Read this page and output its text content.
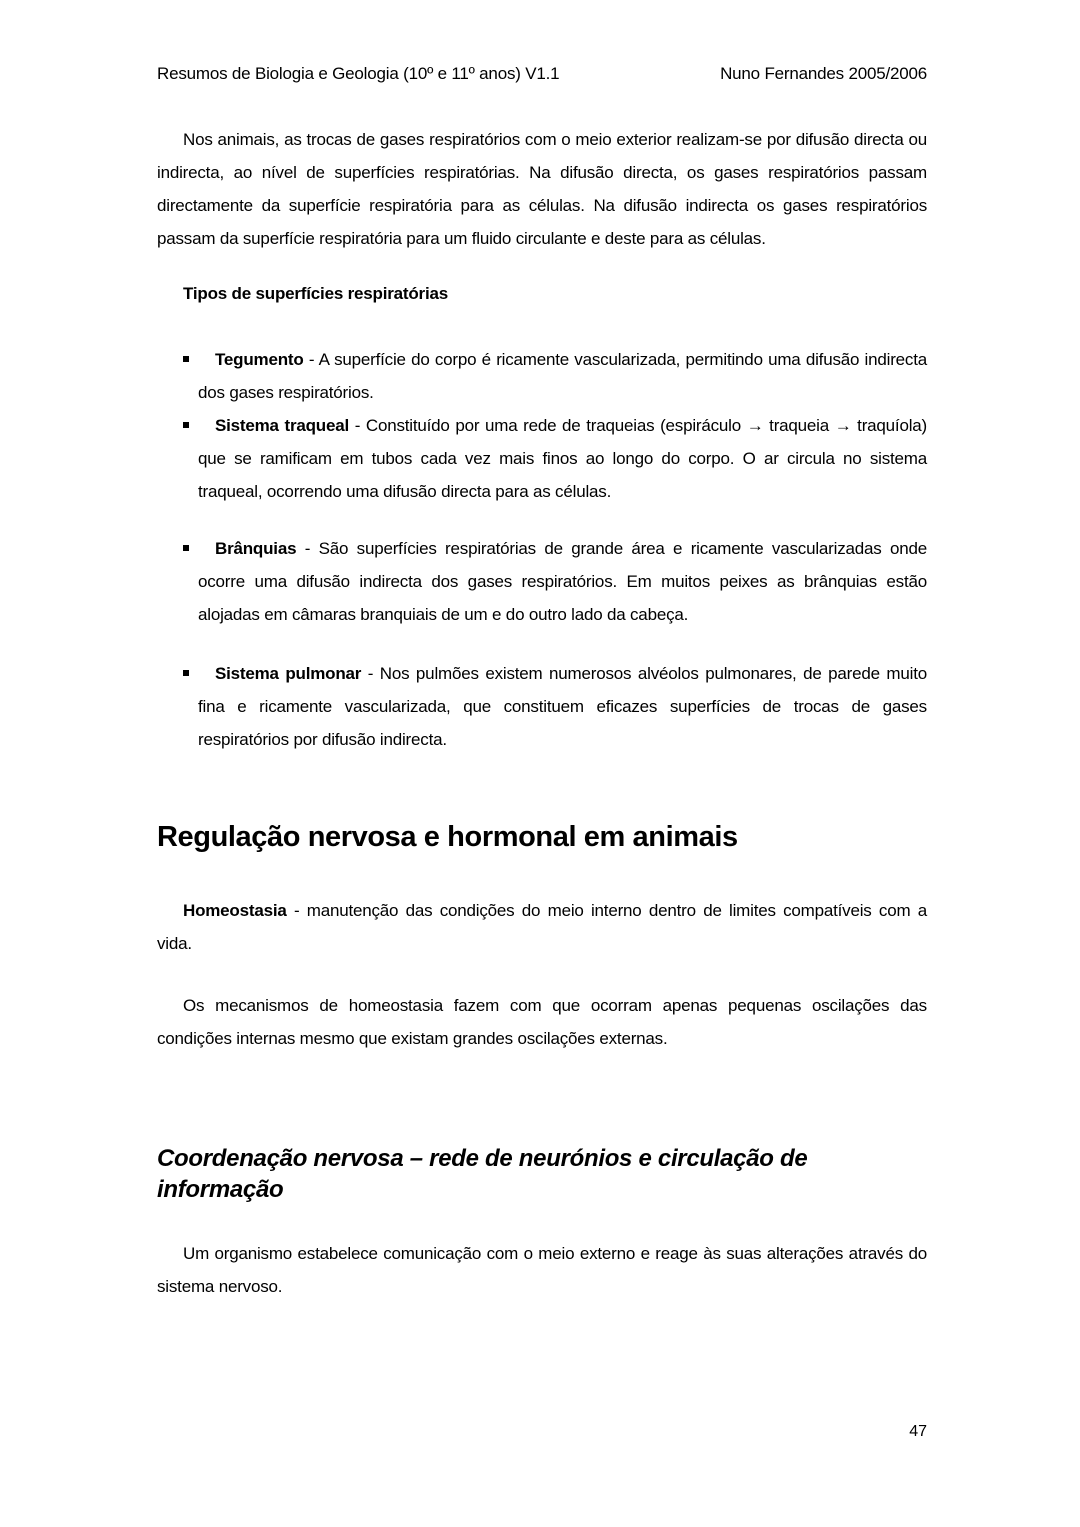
Resumos de Biologia e Geologia (10º e 11º anos) V1.1	Nuno Fernandes 2005/2006

Nos animais, as trocas de gases respiratórios com o meio exterior realizam-se por difusão directa ou indirecta, ao nível de superfícies respiratórias. Na difusão directa, os gases respiratórios passam directamente da superfície respiratória para as células. Na difusão indirecta os gases respiratórios passam da superfície respiratória para um fluido circulante e deste para as células.

Tipos de superfícies respiratórias
Tegumento - A superfície do corpo é ricamente vascularizada, permitindo uma difusão indirecta dos gases respiratórios.
Sistema traqueal - Constituído por uma rede de traqueias (espiráculo → traqueia → traquíola) que se ramificam em tubos cada vez mais finos ao longo do corpo. O ar circula no sistema traqueal, ocorrendo uma difusão directa para as células.
Brânquias - São superfícies respiratórias de grande área e ricamente vascularizadas onde ocorre uma difusão indirecta dos gases respiratórios. Em muitos peixes as brânquias estão alojadas em câmaras branquiais de um e do outro lado da cabeça.
Sistema pulmonar - Nos pulmões existem numerosos alvéolos pulmonares, de parede muito fina e ricamente vascularizada, que constituem eficazes superfícies de trocas de gases respiratórios por difusão indirecta.
Regulação nervosa e hormonal em animais

Homeostasia - manutenção das condições do meio interno dentro de limites compatíveis com a vida.

Os mecanismos de homeostasia fazem com que ocorram apenas pequenas oscilações das condições internas mesmo que existam grandes oscilações externas.

Coordenação nervosa – rede de neurónios e circulação de informação

Um organismo estabelece comunicação com o meio externo e reage às suas alterações através do sistema nervoso.

47
